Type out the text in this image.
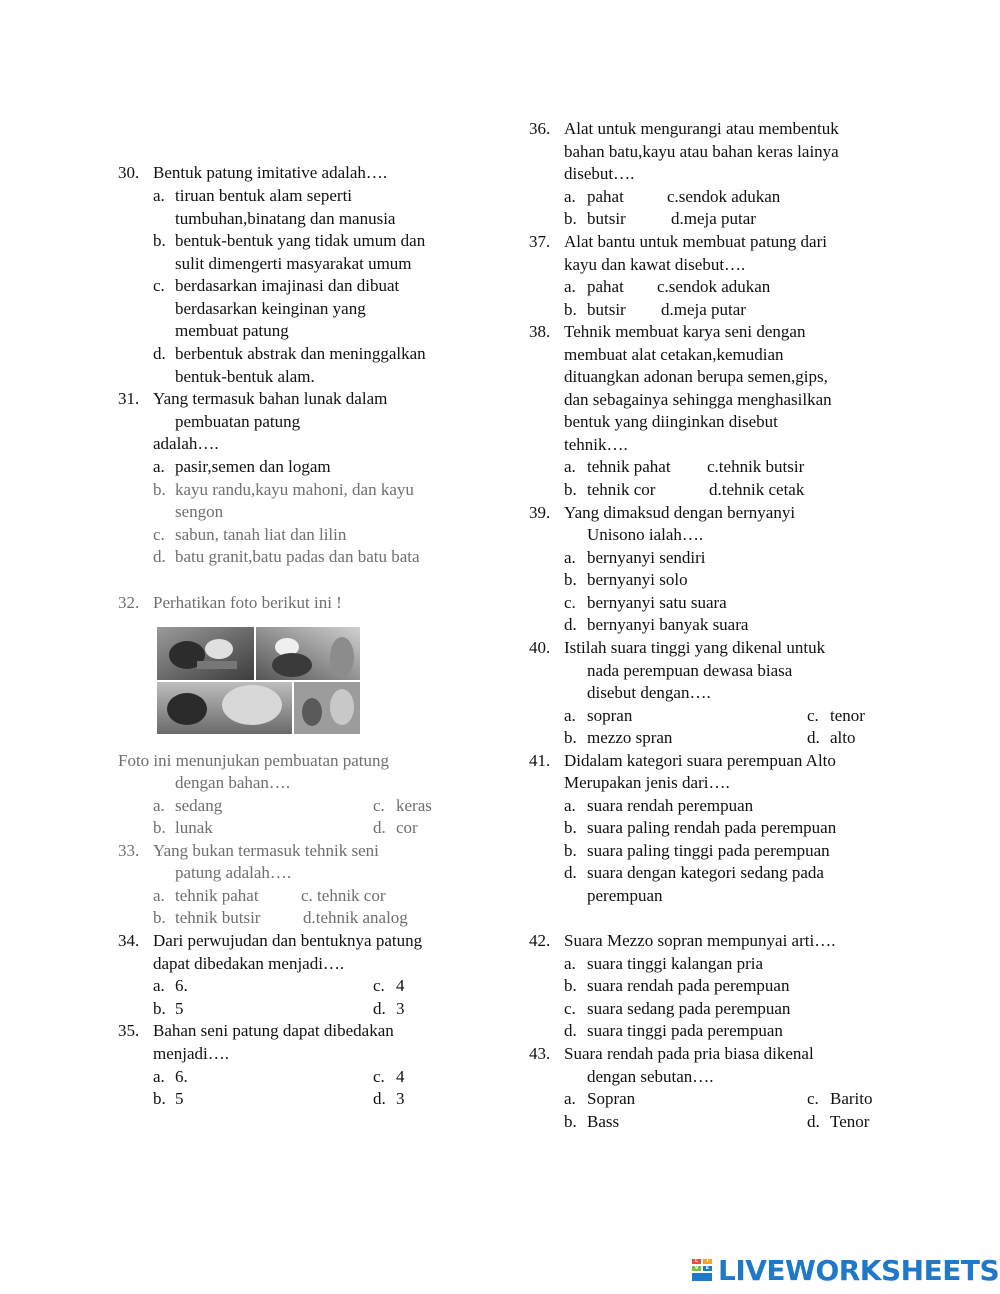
30. Bentuk patung imitative adalah….
a. tiruan bentuk alam seperti
tumbuhan,binatang dan manusia
b. bentuk-bentuk yang tidak umum dan
sulit dimengerti masyarakat umum
c. berdasarkan imajinasi dan dibuat
berdasarkan keinginan yang
membuat patung
d. berbentuk abstrak dan meninggalkan
bentuk-bentuk alam.
31. Yang termasuk bahan lunak dalam
pembuatan patung
adalah….
a. pasir,semen dan logam
b. kayu randu,kayu mahoni, dan kayu
sengon
c. sabun, tanah liat dan lilin
d. batu granit,batu padas dan batu bata
32. Perhatikan foto berikut ini !
Foto ini menunjukan pembuatan patung
dengan bahan….
a. sedang	c. keras
b. lunak	d. cor
33. Yang bukan termasuk tehnik seni
patung adalah….
a. tehnik pahat c. tehnik cor
b. tehnik butsir	d.tehnik analog
34. Dari perwujudan dan bentuknya patung
dapat dibedakan menjadi….
a. 6.	c. 4
b. 5	d. 3
35. Bahan seni patung dapat dibedakan
menjadi….
a. 6.	c. 4
b. 5	d. 3
36. Alat untuk mengurangi atau membentuk
bahan batu,kayu atau bahan keras lainya
disebut….
a. pahat	c.sendok adukan
b. butsir	d.meja putar
37. Alat bantu untuk membuat patung dari
kayu dan kawat disebut….
a. pahat c.sendok adukan
b. butsir d.meja putar
38. Tehnik membuat karya seni dengan
membuat alat cetakan,kemudian
dituangkan adonan berupa semen,gips,
dan sebagainya sehingga menghasilkan
bentuk yang diinginkan disebut
tehnik….
a. tehnik pahat c.tehnik butsir
b. tehnik cor	d.tehnik cetak
39. Yang dimaksud dengan bernyanyi
Unisono ialah….
a. bernyanyi sendiri
b. bernyanyi solo
c. bernyanyi satu suara
d. bernyanyi banyak suara
40. Istilah suara tinggi yang dikenal untuk
nada perempuan dewasa biasa
disebut dengan….
a. sopran	c. tenor
b. mezzo spran	d. alto
41. Didalam kategori suara perempuan Alto
Merupakan jenis dari….
a. suara rendah perempuan
b. suara paling rendah pada perempuan
b. suara paling tinggi pada perempuan
d. suara dengan kategori sedang pada
perempuan
42. Suara Mezzo sopran mempunyai arti….
a. suara tinggi kalangan pria
b. suara rendah pada perempuan
c. suara sedang pada perempuan
d. suara tinggi pada perempuan
43. Suara rendah pada pria biasa dikenal
dengan sebutan….
a. Sopran	c. Barito
b. Bass	d. Tenor
L	I
V	E LIVEWORKSHEETS
